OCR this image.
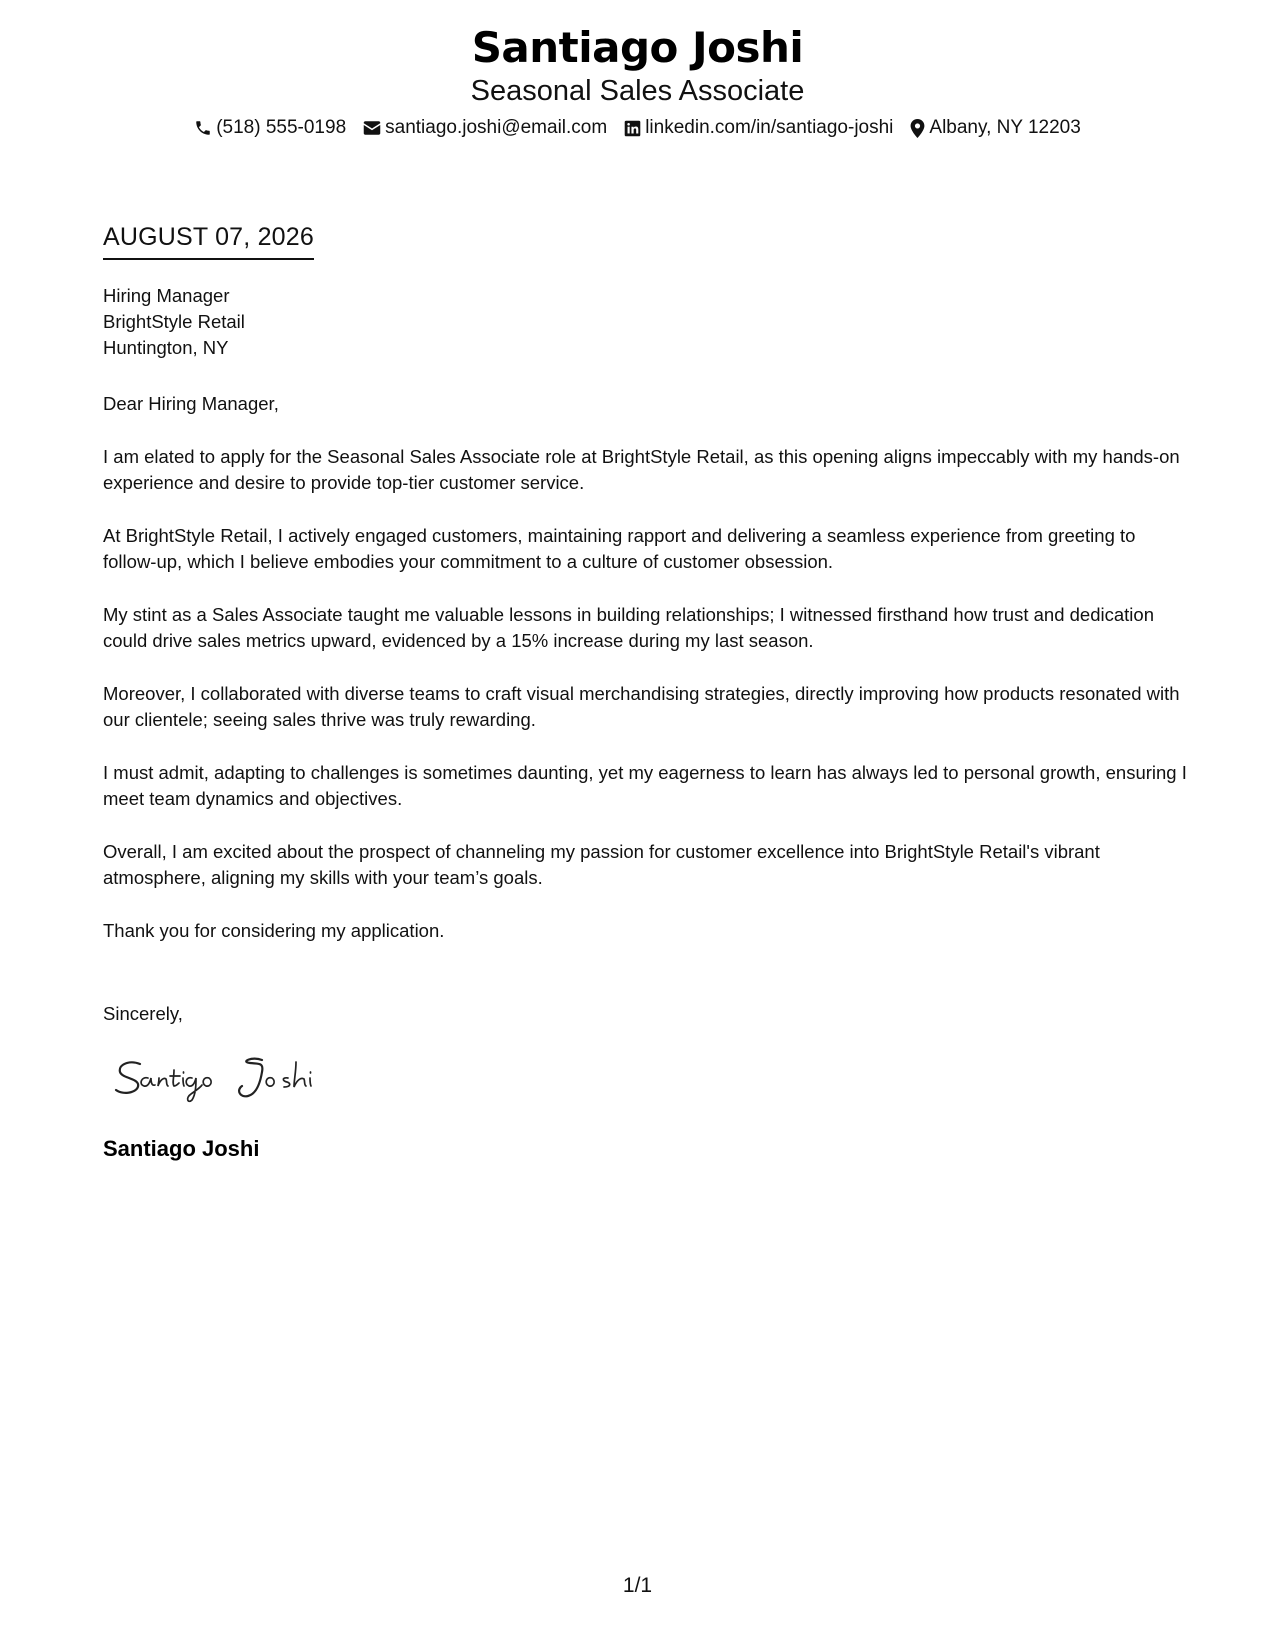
Santiago Joshi
Seasonal Sales Associate
(518) 555-0198 santiago.joshi@email.com linkedin.com/in/santiago-joshi Albany, NY 12203
AUGUST 07, 2026
Hiring Manager
BrightStyle Retail
Huntington, NY

Dear Hiring Manager,

I am elated to apply for the Seasonal Sales Associate role at BrightStyle Retail, as this opening aligns impeccably with my hands-on experience and desire to provide top-tier customer service.

At BrightStyle Retail, I actively engaged customers, maintaining rapport and delivering a seamless experience from greeting to follow-up, which I believe embodies your commitment to a culture of customer obsession.

My stint as a Sales Associate taught me valuable lessons in building relationships; I witnessed firsthand how trust and dedication could drive sales metrics upward, evidenced by a 15% increase during my last season.

Moreover, I collaborated with diverse teams to craft visual merchandising strategies, directly improving how products resonated with our clientele; seeing sales thrive was truly rewarding.

I must admit, adapting to challenges is sometimes daunting, yet my eagerness to learn has always led to personal growth, ensuring I meet team dynamics and objectives.

Overall, I am excited about the prospect of channeling my passion for customer excellence into BrightStyle Retail's vibrant atmosphere, aligning my skills with your team’s goals.

Thank you for considering my application.

Sincerely,
Santiago Joshi
1/1
